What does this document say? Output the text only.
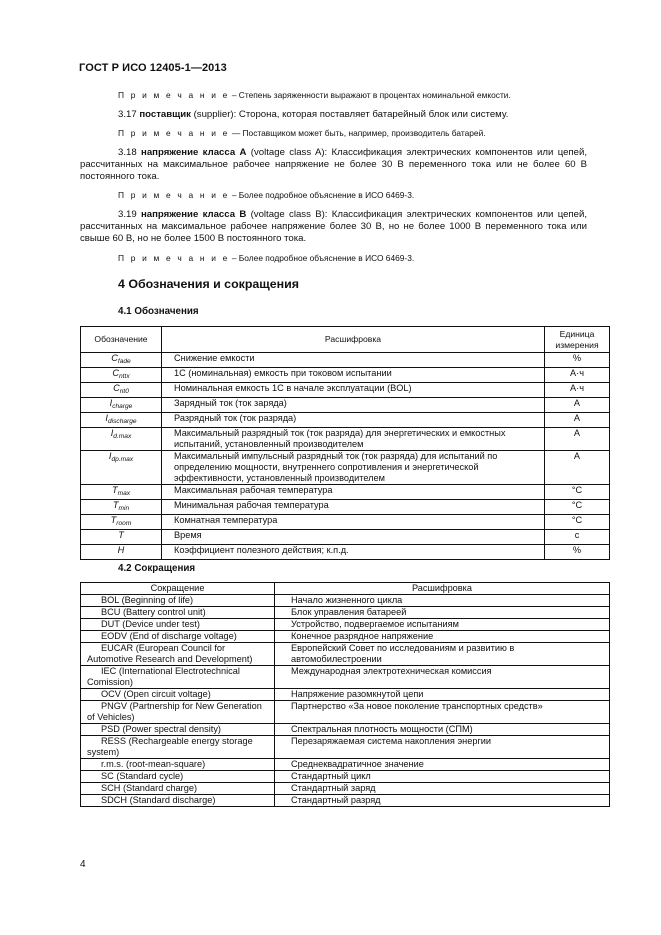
ГОСТ Р ИСО 12405-1—2013

П р и м е ч а н и е – Степень заряженности выражают в процентах номинальной емкости.

3.17 поставщик (supplier): Сторона, которая поставляет батарейный блок или систему.

П р и м е ч а н и е — Поставщиком может быть, например, производитель батарей.

3.18 напряжение класса А (voltage class A): Классификация электрических компонентов или цепей, рассчитанных на максимальное рабочее напряжение не более 30 В переменного тока или не более 60 В постоянного тока.

П р и м е ч а н и е – Более подробное объяснение в ИСО 6469-3.

3.19 напряжение класса В (voltage class B): Классификация электрических компонентов или цепей, рассчитанных на максимальное рабочее напряжение более 30 В, но не более 1000 В переменного тока или свыше 60 В, но не более 1500 В постоянного тока.

П р и м е ч а н и е – Более подробное объяснение в ИСО 6469-3.

4 Обозначения и сокращения
4.1 Обозначения
Обозначение	Расшифровка	Единица измерения
$C_{fade}$	Снижение емкости	%
$C_{nttx}$	1С (номинальная) емкость при токовом испытании	А·ч
$C_{nt0}$	Номинальная емкость 1С в начале эксплуатации (BOL)	А·ч
$I_{charge}$	Зарядный ток (ток заряда)	А
$I_{discharge}$	Разрядный ток (ток разряда)	А
$I_{d.max}$	Максимальный разрядный ток (ток разряда) для энергетических и емкостных испытаний, установленный производителем	А
$I_{dp.max}$	Максимальный импульсный разрядный ток (ток разряда) для испытаний по определению мощности, внутреннего сопротивления и энергетической эффективности, установленный производителем	А
$T_{max}$	Максимальная рабочая температура	°С
$T_{min}$	Минимальная рабочая температура	°С
$T_{room}$	Комнатная температура	°С
T	Время	с
H	Коэффициент полезного действия; к.п.д.	%
4.2 Сокращения
Сокращение	Расшифровка
BOL (Beginning of life)	Начало жизненного цикла
BCU (Battery control unit)	Блок управления батареей
DUT (Device under test)	Устройство, подвергаемое испытаниям
EODV (End of discharge voltage)	Конечное разрядное напряжение
EUCAR (European Council for Automotive Research and Development)	Европейский Совет по исследованиям и развитию в автомобилестроении
IEC (International Electrotechnical Comission)	Международная электротехническая комиссия
OCV (Open circuit voltage)	Напряжение разомкнутой цепи
PNGV (Partnership for New Generation of Vehicles)	Партнерство «За новое поколение транспортных средств»
PSD (Power spectral density)	Спектральная плотность мощности (СПМ)
RESS (Rechargeable energy storage system)	Перезаряжаемая система накопления энергии
r.m.s. (root-mean-square)	Среднеквадратичное значение
SC (Standard cycle)	Стандартный цикл
SCH (Standard charge)	Стандартный заряд
SDCH (Standard discharge)	Стандартный разряд
4
